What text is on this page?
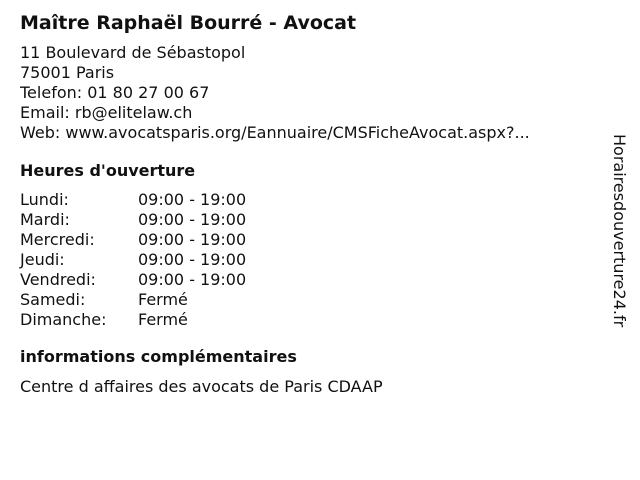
Maître Raphaël Bourré - Avocat
11 Boulevard de Sébastopol
75001 Paris
Telefon: 01 80 27 00 67
Email: rb@elitelaw.ch
Web: www.avocatsparis.org/Eannuaire/CMSFicheAvocat.aspx?...
Heures d'ouverture
Lundi:	09:00 - 19:00
Mardi:	09:00 - 19:00
Mercredi:	09:00 - 19:00
Jeudi:	09:00 - 19:00
Vendredi:	09:00 - 19:00
Samedi:	Fermé
Dimanche:	Fermé
informations complémentaires
Centre d affaires des avocats de Paris CDAAP
Horairesdouverture24.fr
